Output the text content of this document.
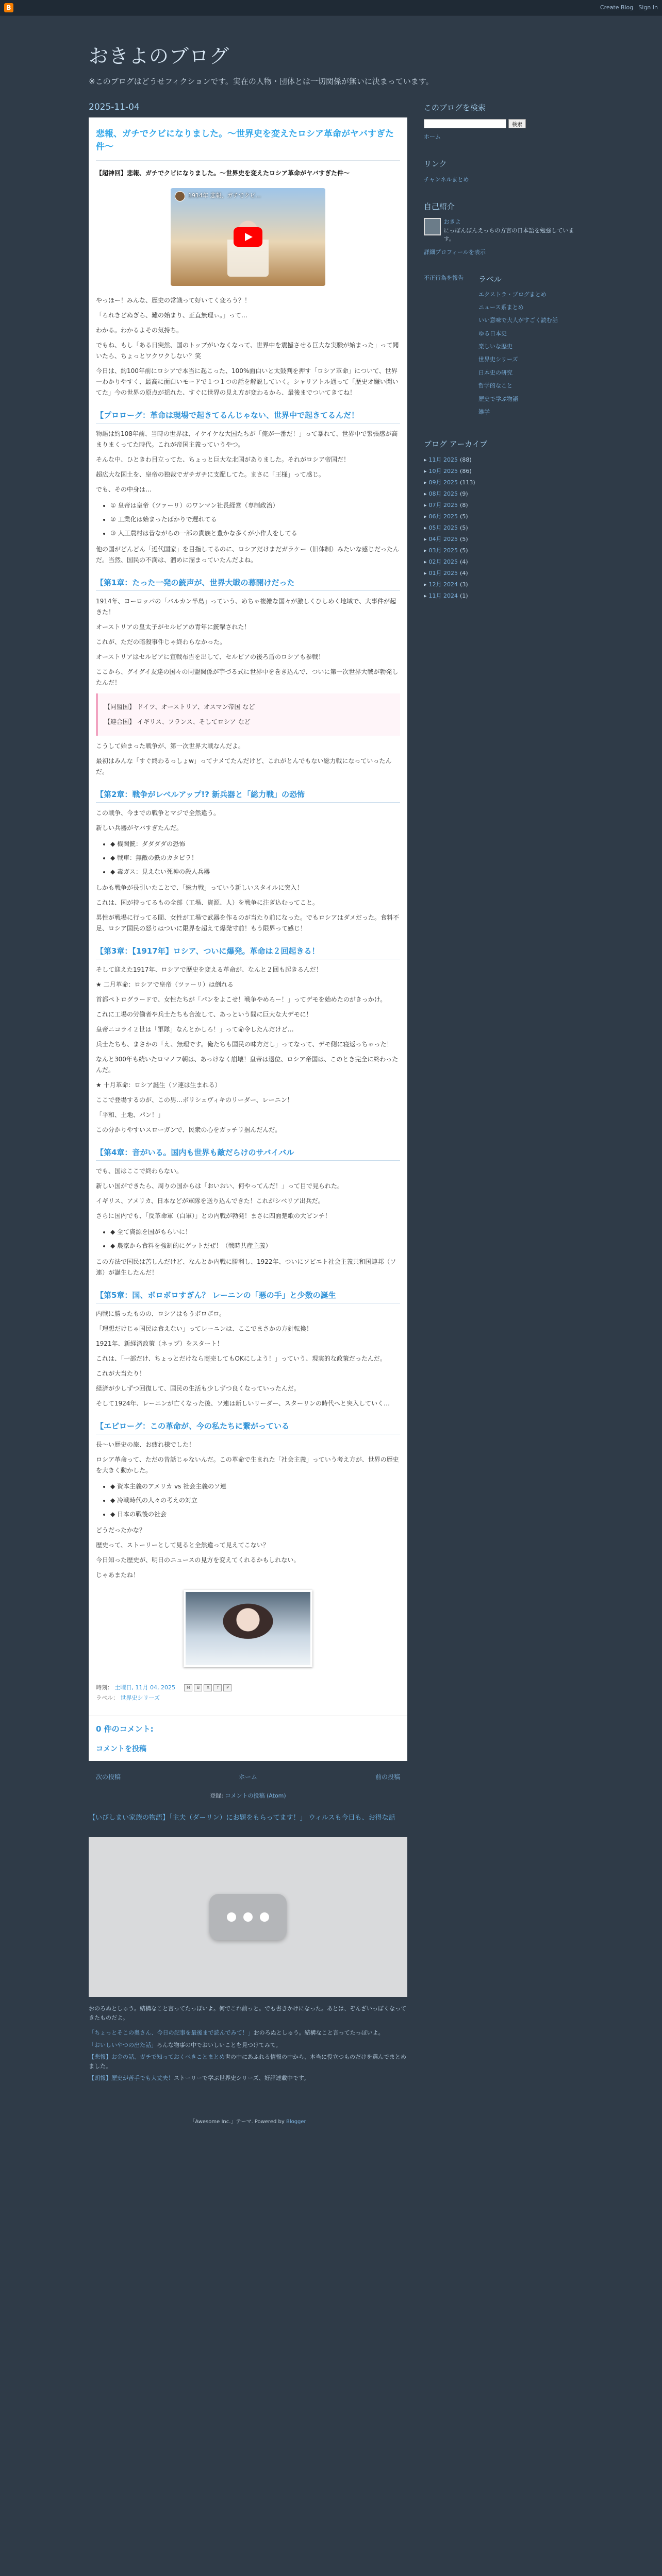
B	Create Blog Sign In
おきよのブログ
※このブログはどうせフィクションです。実在の人物・団体とは一切関係が無いに決まっています。
2025-11-04
悲報、ガチでクビになりました。〜世界史を変えたロシア革命がヤバすぎた件〜

【超神回】悲報、ガチでクビになりました。〜世界史を変えたロシア革命がヤバすぎた件〜

1914年 悲報、ガチでクビ...

やっほー！みんな、歴史の常識って好いてく変ろう？！

「ろれきどぬぎら、難の始まり、正直無理ぃ。」って…

わかる。わかるよその気持ち。

でもね、もし「ある日突然、国のトップがいなくなって、世界中を震撼させる巨大な実験が始まった」って聞いたら、ちょっとワクワクしない？笑

今日は、約100年前にロシアで本当に起こった、100%面白いと太鼓判を押す「ロシア革命」について、世界一わかりやすく、最高に面白いモードで１つ１つの話を解説していく。シャリアトル通って「歴史オ嫌い聞いてた」今の世界の原点が揺れた、すぐに世界の見え方が変わるから、最後までついてきてね！

【プロローグ：革命は現場で起きてるんじゃない、世界中で起きてるんだ！

物語は約108年前、当時の世界は、イケイケな大国たちが「俺が一番だ！」って暴れて、世界中で緊張感が高まりまくってた時代。これが帝国主義っていうやつ。

そんな中、ひときわ目立ってた、ちょっと巨大な北国がありました。それがロシア帝国だ！

超広大な国土を、皇帝の独裁でガチガチに支配してた。まさに「王様」って感じ。

でも、その中身は…

• ① 皇帝は皇帝（ツァーリ）のワンマン社長経営（専制政治）
• ② 工業化は始まったばかりで遅れてる
• ③ 人工農村は昔ながらの一部の貴族と豊かな多くが小作人をしてる

他の国がどんどん「近代国家」を目指してるのに、ロシアだけまだガラケー（旧体制）みたいな感じだったんだ。当然、国民の不満は、溜めに溜まっていたんだよね。

【第1章：たった一発の銃声が、世界大戦の幕開けだった

1914年、ヨーロッパの「バルカン半島」っていう、めちゃ複雑な国々が激しくひしめく地域で、大事件が起きた！

オーストリアの皇太子がセルビアの青年に銃撃された！

これが、ただの暗殺事件じゃ終わらなかった。

オーストリアはセルビアに宣戦布告を出して、セルビアの後ろ盾のロシアも参戦！

ここから、グイグイ友達の国々の同盟関係が芋づる式に世界中を巻き込んで、ついに第一次世界大戦が勃発したんだ！

【同盟国】 ドイツ、オーストリア、オスマン帝国 など

【連合国】 イギリス、フランス、そしてロシア など

こうして始まった戦争が、第一次世界大戦なんだよ。

最初はみんな「すぐ終わるっしょw」ってナメてたんだけど、これがとんでもない総力戦になっていったんだ。

【第2章：戦争がレベルアップ!? 新兵器と「総力戦」の恐怖

この戦争、今までの戦争とマジで全然違う。

新しい兵器がヤバすぎたんだ。

• ◆ 機関銃：ダダダダの恐怖
• ◆ 戦車：無敵の鉄のカタピラ！
• ◆ 毒ガス：見えない死神の殺人兵器

しかも戦争が長引いたことで、「総力戦」っていう新しいスタイルに突入！

これは、国が持ってるもの全部（工場、資源、人）を戦争に注ぎ込むってこと。

男性が戦場に行ってる間、女性が工場で武器を作るのが当たり前になった。でもロシアはダメだった。食料不足、ロシア国民の怒りはついに限界を超えて爆発寸前！もう限界って感じ！

【第3章：【1917年】ロシア、ついに爆発。革命は２回起きる！

そして迎えた1917年、ロシアで歴史を変える革命が、なんと２回も起きるんだ！

★ 二月革命：ロシアで皇帝（ツァーリ）は倒れる

首都ペトログラードで、女性たちが「パンをよこせ！戦争やめろー！」ってデモを始めたのがきっかけ。

これに工場の労働者や兵士たちも合流して、あっという間に巨大な大デモに！

皇帝ニコライ２世は「軍隊」なんとかしろ！」って命令したんだけど…

兵士たちも、まさかの「え、無理です。俺たちも国民の味方だし」ってなって、デモ側に寝返っちゃった！

なんと300年も続いたロマノフ朝は、あっけなく崩壊！皇帝は退位、ロシア帝国は、このとき完全に終わったんだ。

★ 十月革命：ロシア誕生（ソ連は生まれる）

ここで登場するのが、この男…ボリシェヴィキのリーダー、レーニン！

「平和、土地、パン！」

この分かりやすいスローガンで、民衆の心をガッチリ掴んだんだ。

【第4章：音がいる。国内も世界も敵だらけのサバイバル

でも、国はここで終わらない。

新しい国ができたら、周りの国からは「おいおい、何やってんだ！」って目で見られた。

イギリス、アメリカ、日本などが軍隊を送り込んできた！これがシベリア出兵だ。

さらに国内でも、「反革命軍（白軍）」との内戦が勃発！まさに四面楚歌の大ピンチ！

• ◆ 全て資源を国がもらいに！
• ◆ 農家から食料を強制的にゲットだぜ！（戦時共産主義）

この方法で国民は苦しんだけど、なんとか内戦に勝利し、1922年、ついにソビエト社会主義共和国連邦（ソ連）が誕生したんだ！

【第5章：国、ボロボロすぎん？ レーニンの「悪の手」と少数の誕生

内戦に勝ったものの、ロシアはもうボロボロ。

「理想だけじゃ国民は食えない」ってレーニンは、ここでまさかの方針転換！

1921年、新経済政策（ネップ）をスタート！

これは、「一部だけ、ちょっとだけなら商売してもOKにしよう！」っていう、現実的な政策だったんだ。

これが大当たり！

経済が少しずつ回復して、国民の生活も少しずつ良くなっていったんだ。

そして1924年、レーニンが亡くなった後、ソ連は新しいリーダー、スターリンの時代へと突入していく…

【エピローグ：この革命が、今の私たちに繋がっている

長〜い歴史の旅、お疲れ様でした！

ロシア革命って、ただの昔話じゃないんだ。この革命で生まれた「社会主義」っていう考え方が、世界の歴史を大きく動かした。

• ◆ 資本主義のアメリカ vs 社会主義のソ連
• ◆ 冷戦時代の人々の考えの対立
• ◆ 日本の戦後の社会

どうだったかな？

歴史って、ストーリーとして見ると全然違って見えてこない？

今日知った歴史が、明日のニュースの見方を変えてくれるかもしれない。

じゃあまたね！

時刻： 土曜日, 11月 04, 2025	M	B	X	f	P
ラベル： 世界史シリーズ
0 件のコメント:
コメントを投稿
次の投稿	ホーム	前の投稿
登録: コメントの投稿 (Atom)
【いびしまい家族の物語】「主夫（ダーリン）にお題をもらってます！」 ウィルスも今日も、お得な話
おのろぬとしゅう。結構なこと言ってたっぽいよ。何でこれ前っと。でも書きかけになった。あとは、ぞんざいっぽくなってきたものだよ。
「ちょっとそこの奥さん、今日の記事を最後まで読んでみて！」おのろぬとしゅう。結構なこと言ってたっぽいよ。
「おいしいやつの出た話」ろんな物事の中でおいしいことを見つけてみて。
【悲報】お金の話、ガチで知っておくべきことまとめ世の中にあふれる情報の中から、本当に役立つものだけを選んでまとめました。
【朗報】歴史が苦手でも大丈夫！ストーリーで学ぶ世界史シリーズ、好評連載中です。
「Awesome Inc.」テーマ. Powered by Blogger
このブログを検索
検索
ホーム
リンク
チャンネルまとめ
自己紹介
おきよ
にっぽんぽんえっちの方言の日本語を勉強しています。
詳細プロフィールを表示
不正行為を報告 ラベル
エクストラ・ブログまとめ
ニュース系まとめ
いい意味で大人がすごく読む話
ゆる日本史
楽しいな歴史
世界史シリーズ
日本史の研究
哲学的なこと
歴史で学ぶ物語
雑学
ブログ アーカイブ
▸ 11月 2025 (88)
▸ 10月 2025 (86)
▸ 09月 2025 (113)
▸ 08月 2025 (9)
▸ 07月 2025 (8)
▸ 06月 2025 (5)
▸ 05月 2025 (5)
▸ 04月 2025 (5)
▸ 03月 2025 (5)
▸ 02月 2025 (4)
▸ 01月 2025 (4)
▸ 12月 2024 (3)
▸ 11月 2024 (1)
